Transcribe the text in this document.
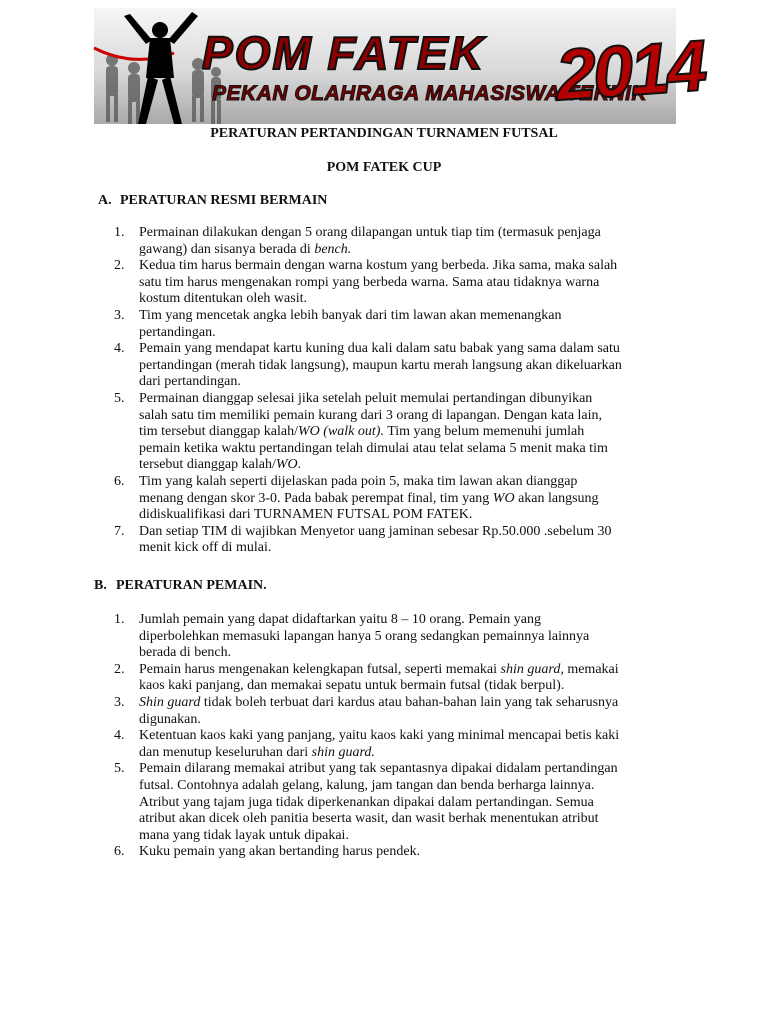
POM FATEK
PEKAN OLAHRAGA MAHASISWA TEKNIK
2014
PERATURAN PERTANDINGAN TURNAMEN FUTSAL
POM FATEK CUP
A. PERATURAN RESMI BERMAIN
1. Permainan dilakukan dengan 5 orang dilapangan untuk tiap tim (termasuk penjaga
gawang) dan sisanya berada di bench.
2. Kedua tim harus bermain dengan warna kostum yang berbeda. Jika sama, maka salah
satu tim harus mengenakan rompi yang berbeda warna. Sama atau tidaknya warna
kostum ditentukan oleh wasit.
3. Tim yang mencetak angka lebih banyak dari tim lawan akan memenangkan
pertandingan.
4. Pemain yang mendapat kartu kuning dua kali dalam satu babak yang sama dalam satu
pertandingan (merah tidak langsung), maupun kartu merah langsung akan dikeluarkan
dari pertandingan.
5. Permainan dianggap selesai jika setelah peluit memulai pertandingan dibunyikan
salah satu tim memiliki pemain kurang dari 3 orang di lapangan. Dengan kata lain,
tim tersebut dianggap kalah/WO (walk out). Tim yang belum memenuhi jumlah
pemain ketika waktu pertandingan telah dimulai atau telat selama 5 menit maka tim
tersebut dianggap kalah/WO.
6. Tim yang kalah seperti dijelaskan pada poin 5, maka tim lawan akan dianggap
menang dengan skor 3-0. Pada babak perempat final, tim yang WO akan langsung
didiskualifikasi dari TURNAMEN FUTSAL POM FATEK.
7. Dan setiap TIM di wajibkan Menyetor uang jaminan sebesar Rp.50.000 .sebelum 30
menit kick off di mulai.
B. PERATURAN PEMAIN.
1. Jumlah pemain yang dapat didaftarkan yaitu 8 – 10 orang. Pemain yang
diperbolehkan memasuki lapangan hanya 5 orang sedangkan pemainnya lainnya
berada di bench.
2. Pemain harus mengenakan kelengkapan futsal, seperti memakai shin guard, memakai
kaos kaki panjang, dan memakai sepatu untuk bermain futsal (tidak berpul).
3. Shin guard tidak boleh terbuat dari kardus atau bahan-bahan lain yang tak seharusnya
digunakan.
4. Ketentuan kaos kaki yang panjang, yaitu kaos kaki yang minimal mencapai betis kaki
dan menutup keseluruhan dari shin guard.
5. Pemain dilarang memakai atribut yang tak sepantasnya dipakai didalam pertandingan
futsal. Contohnya adalah gelang, kalung, jam tangan dan benda berharga lainnya.
Atribut yang tajam juga tidak diperkenankan dipakai dalam pertandingan. Semua
atribut akan dicek oleh panitia beserta wasit, dan wasit berhak menentukan atribut
mana yang tidak layak untuk dipakai.
6. Kuku pemain yang akan bertanding harus pendek.
